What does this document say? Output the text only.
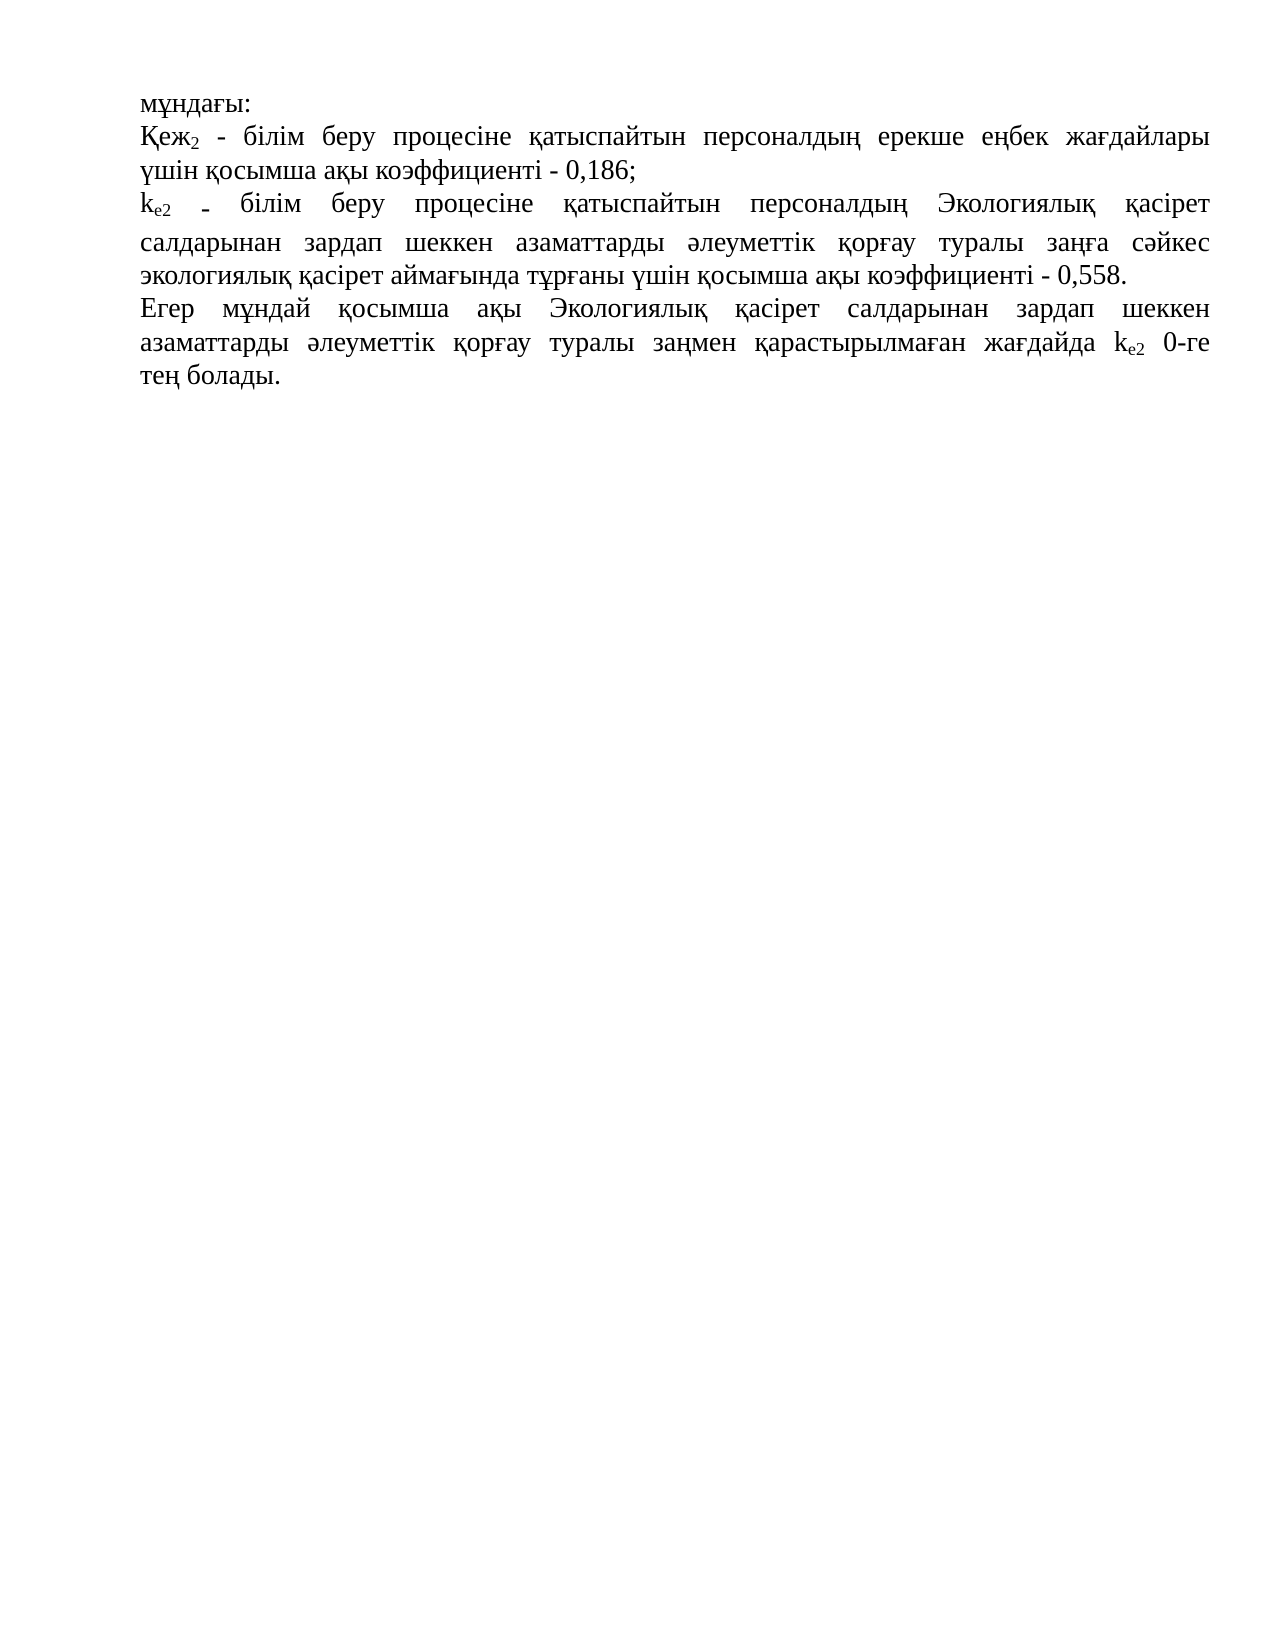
мұндағы:
Қеж$_2$ - білім беру процесіне қатыспайтын персоналдың ерекше еңбек жағдайлары
үшін қосымша ақы коэффициенті - 0,186;
$k_{e2}$ - білім беру процесіне қатыспайтын персоналдың Экологиялық қасірет
салдарынан зардап шеккен азаматтарды әлеуметтік қорғау туралы заңға сәйкес
экологиялық қасірет аймағында тұрғаны үшін қосымша ақы коэффициенті - 0,558.
Егер мұндай қосымша ақы Экологиялық қасірет салдарынан зардап шеккен
азаматтарды әлеуметтік қорғау туралы заңмен қарастырылмаған жағдайда $k_{e2}$ 0-ге
тең болады.
